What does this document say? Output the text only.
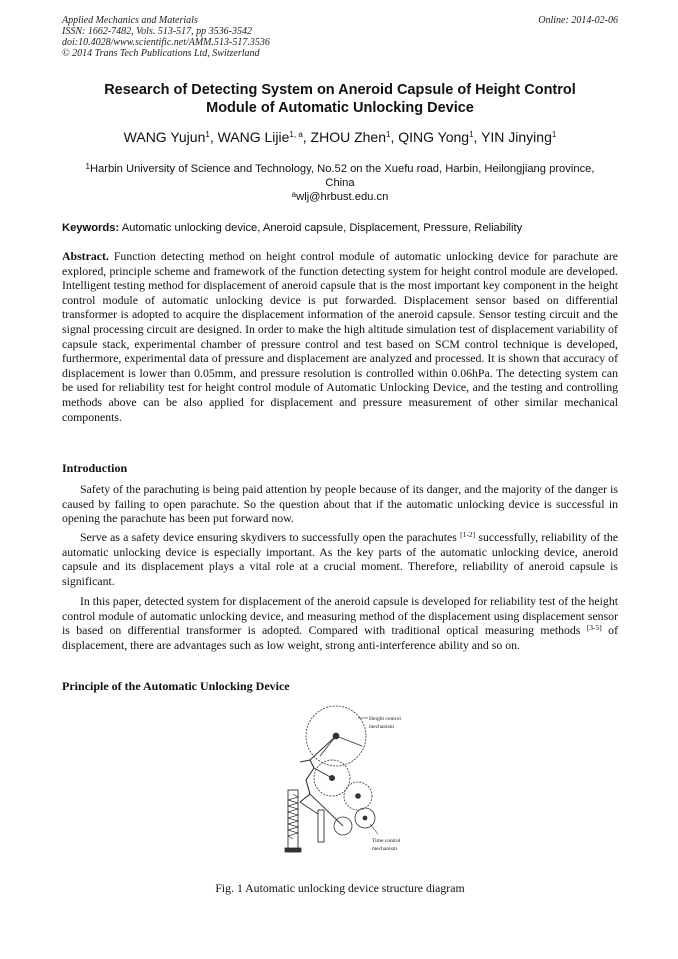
Applied Mechanics and Materials
ISSN: 1662-7482, Vols. 513-517, pp 3536-3542
doi:10.4028/www.scientific.net/AMM.513-517.3536
© 2014 Trans Tech Publications Ltd, Switzerland
Online: 2014-02-06
Research of Detecting System on Aneroid Capsule of Height Control
Module of Automatic Unlocking Device
WANG Yujun$^1$, WANG Lijie$^{1, a}$, ZHOU Zhen$^1$, QING Yong$^1$, YIN Jinying$^1$
$^1$Harbin University of Science and Technology, No.52 on the Xuefu road, Harbin, Heilongjiang province, China
$^a$wlj@hrbust.edu.cn
Keywords: Automatic unlocking device, Aneroid capsule, Displacement, Pressure, Reliability
Abstract. Function detecting method on height control module of automatic unlocking device for parachute are explored, principle scheme and framework of the function detecting system for height control module are developed. Intelligent testing method for displacement of aneroid capsule that is the most important key component in the height control module of automatic unlocking device is put forwarded. Displacement sensor based on differential transformer is adopted to acquire the displacement information of the aneroid capsule. Sensor testing circuit and the signal processing circuit are designed. In order to make the high altitude simulation test of displacement variability of capsule stack, experimental chamber of pressure control and test based on SCM control technique is developed, furthermore, experimental data of pressure and displacement are analyzed and processed. It is shown that accuracy of displacement is lower than 0.05mm, and pressure resolution is controlled within 0.06hPa. The detecting system can be used for reliability test for height control module of Automatic Unlocking Device, and the testing and controlling methods above can be also applied for displacement and pressure measurement of other similar mechanical components.
Introduction
Safety of the parachuting is being paid attention by people because of its danger, and the majority of the danger is caused by failing to open parachute. So the question about that if the automatic unlocking device is successful in opening the parachute has been put forward now.
Serve as a safety device ensuring skydivers to successfully open the parachutes [1-2] successfully, reliability of the automatic unlocking device is especially important. As the key parts of the automatic unlocking device, aneroid capsule and its displacement plays a vital role at a crucial moment. Therefore, reliability of aneroid capsule is significant.
In this paper, detected system for displacement of the aneroid capsule is developed for reliability test of the height control module of automatic unlocking device, and measuring method of the displacement using displacement sensor is based on differential transformer is adopted. Compared with traditional optical measuring methods [3-5] of displacement, there are advantages such as low weight, strong anti-interference ability and so on.
Principle of the Automatic Unlocking Device
Height control
mechanism
Time control
mechanism
Fig. 1 Automatic unlocking device structure diagram
